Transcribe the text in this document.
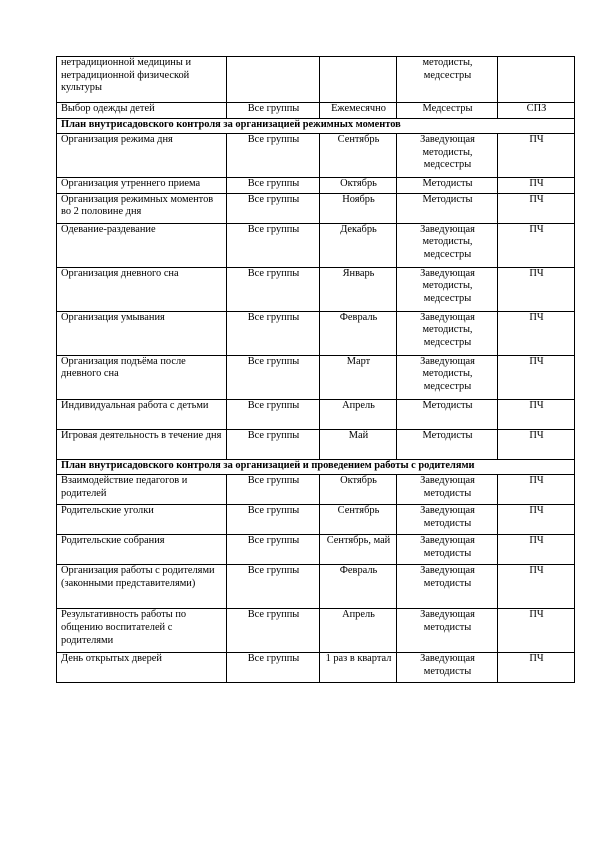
нетрадиционной медицины и нетрадиционной физической культуры			методисты, медсестры	
Выбор одежды детей	Все группы	Ежемесячно	Медсестры	СПЗ
План внутрисадовского контроля за организацией режимных моментов				
Организация режима дня	Все группы	Сентябрь	Заведующая методисты, медсестры	ПЧ
Организация утреннего приема	Все группы	Октябрь	Методисты	ПЧ
Организация режимных моментов во 2 половине дня	Все группы	Ноябрь	Методисты	ПЧ
Одевание-раздевание	Все группы	Декабрь	Заведующая методисты, медсестры	ПЧ
Организация дневного сна	Все группы	Январь	Заведующая методисты, медсестры	ПЧ
Организация умывания	Все группы	Февраль	Заведующая методисты, медсестры	ПЧ
Организация подъёма после дневного сна	Все группы	Март	Заведующая методисты, медсестры	ПЧ
Индивидуальная работа с детьми	Все группы	Апрель	Методисты	ПЧ
Игровая деятельность в течение дня	Все группы	Май	Методисты	ПЧ
План внутрисадовского контроля за организацией и проведением работы с родителями				
Взаимодействие педагогов и родителей	Все группы	Октябрь	Заведующая методисты	ПЧ
Родительские уголки	Все группы	Сентябрь	Заведующая методисты	ПЧ
Родительские собрания	Все группы	Сентябрь, май	Заведующая методисты	ПЧ
Организация работы с родителями (законными представителями)	Все группы	Февраль	Заведующая методисты	ПЧ
Результативность работы по общению воспитателей с родителями	Все группы	Апрель	Заведующая методисты	ПЧ
День открытых дверей	Все группы	1 раз в квартал	Заведующая методисты	ПЧ
